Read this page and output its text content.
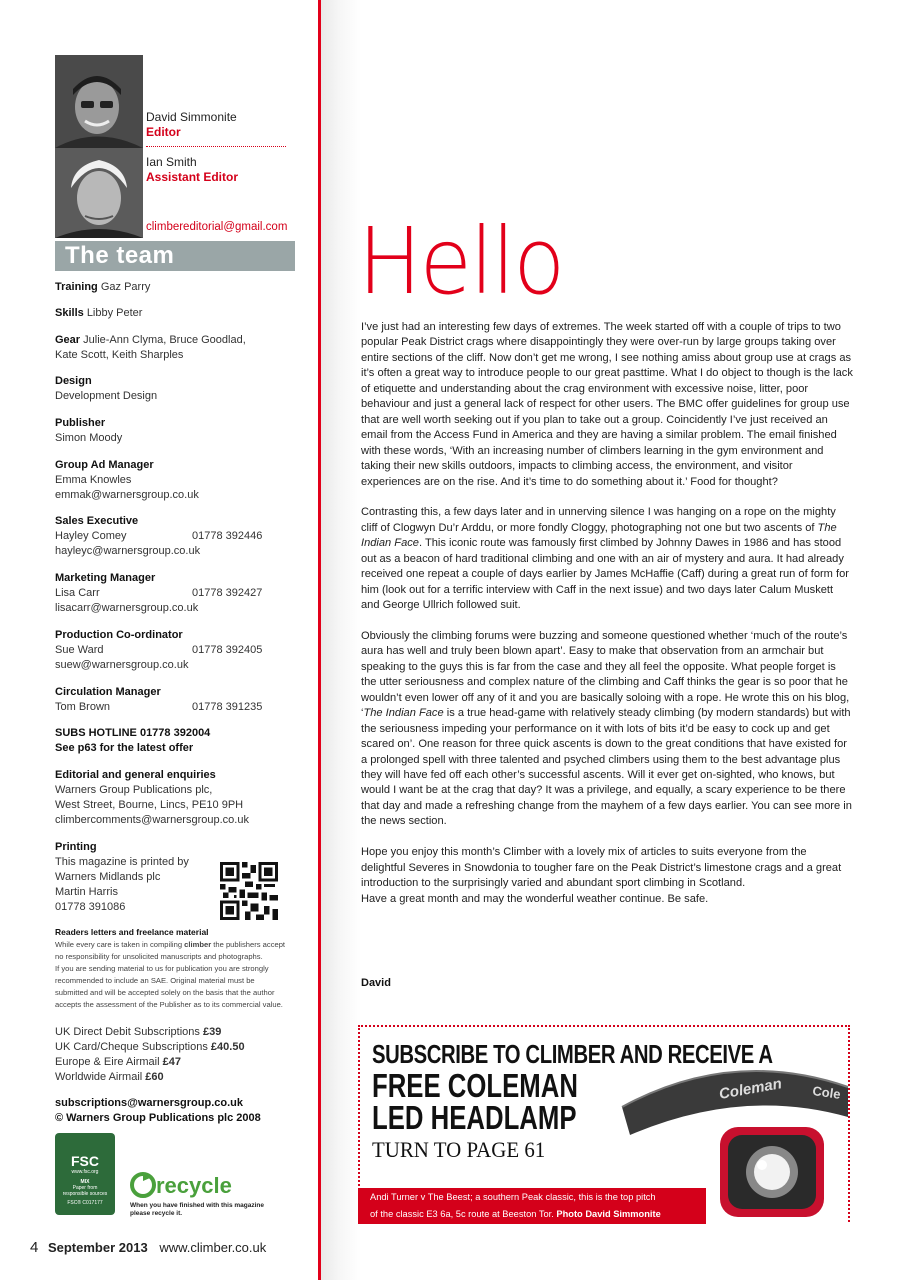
David Simmonite
Editor
Ian Smith
Assistant Editor
climbereditorial@gmail.com
The team
Training Gaz Parry
Skills Libby Peter
Gear Julie-Ann Clyma, Bruce Goodlad,
Kate Scott, Keith Sharples
Design
Development Design
Publisher
Simon Moody
Group Ad Manager
Emma Knowles
emmak@warnersgroup.co.uk
Sales Executive
Hayley Comey	01778 392446
hayleyc@warnersgroup.co.uk
Marketing Manager
Lisa Carr	01778 392427
lisacarr@warnersgroup.co.uk
Production Co-ordinator
Sue Ward	01778 392405
suew@warnersgroup.co.uk
Circulation Manager
Tom Brown	01778 391235
SUBS HOTLINE 01778 392004
See p63 for the latest offer
Editorial and general enquiries
Warners Group Publications plc,
West Street, Bourne, Lincs, PE10 9PH
climbercomments@warnersgroup.co.uk
Printing
This magazine is printed by
Warners Midlands plc
Martin Harris
01778 391086
Readers letters and freelance material
While every care is taken in compiling climber the publishers accept
no responsibility for unsolicited manuscripts and photographs.
If you are sending material to us for publication you are strongly
recommended to include an SAE. Original material must be
submitted and will be accepted solely on the basis that the author
accepts the assessment of the Publisher as to its commercial value.
UK Direct Debit Subscriptions £39
UK Card/Cheque Subscriptions £40.50
Europe & Eire Airmail £47
Worldwide Airmail £60
subscriptions@warnersgroup.co.uk
© Warners Group Publications plc 2008
FSC
www.fsc.org
MIX
Paper from
responsible sources
FSC® C017177
recycle
When you have finished with this magazine please recycle it.
4 September 2013 www.climber.co.uk
Hello

I’ve just had an interesting few days of extremes. The week started off with a couple of trips to two popular Peak District crags where disappointingly they were over-run by large groups taking over entire sections of the cliff. Now don’t get me wrong, I see nothing amiss about group use at crags as it’s often a great way to introduce people to our great pasttime. What I do object to though is the lack of etiquette and understanding about the crag environment with excessive noise, litter, poor behaviour and just a general lack of respect for other users. The BMC offer guidelines for group use that are well worth seeking out if you plan to take out a group. Coincidently I’ve just received an email from the Access Fund in America and they are having a similar problem. The email finished with these words, ‘With an increasing number of climbers learning in the gym environment and taking their new skills outdoors, impacts to climbing access, the environment, and visitor experiences are on the rise. And it’s time to do something about it.’ Food for thought?

Contrasting this, a few days later and in unnerving silence I was hanging on a rope on the mighty cliff of Clogwyn Du’r Arddu, or more fondly Cloggy, photographing not one but two ascents of The Indian Face. This iconic route was famously first climbed by Johnny Dawes in 1986 and has stood out as a beacon of hard traditional climbing and one with an air of mystery and aura. It had already received one repeat a couple of days earlier by James McHaffie (Caff) during a great run of form for him (look out for a terrific interview with Caff in the next issue) and two days later Calum Muskett and George Ullrich followed suit.

Obviously the climbing forums were buzzing and someone questioned whether ‘much of the route’s aura has well and truly been blown apart’. Easy to make that observation from an armchair but speaking to the guys this is far from the case and they all feel the opposite. What people forget is the utter seriousness and complex nature of the climbing and Caff thinks the gear is so poor that he wouldn’t even lower off any of it and you are basically soloing with a rope. He wrote this on his blog, ‘The Indian Face is a true head-game with relatively steady climbing (by modern standards) but with the seriousness impeding your performance on it with lots of bits it’d be easy to cock up and get scared on’. One reason for three quick ascents is down to the great conditions that have existed for a prolonged spell with three talented and psyched climbers using them to the best advantage plus they will have fed off each other’s successful ascents. Will it ever get on-sighted, who knows, but would I want be at the crag that day? It was a privilege, and equally, a scary experience to be there that day and made a refreshing change from the mayhem of a few days earlier. You can see more in the news section.

Hope you enjoy this month’s Climber with a lovely mix of articles to suits everyone from the delightful Severes in Snowdonia to tougher fare on the Peak District’s limestone crags and a great introduction to the surprisingly varied and abundant sport climbing in Scotland.

Have a great month and may the wonderful weather continue. Be safe.

David
SUBSCRIBE TO CLIMBER AND RECEIVE A
FREE COLEMAN
LED HEADLAMP
TURN TO PAGE 61
Coleman Cole
Andi Turner v The Beest; a southern Peak classic, this is the top pitch
of the classic E3 6a, 5c route at Beeston Tor. Photo David Simmonite
